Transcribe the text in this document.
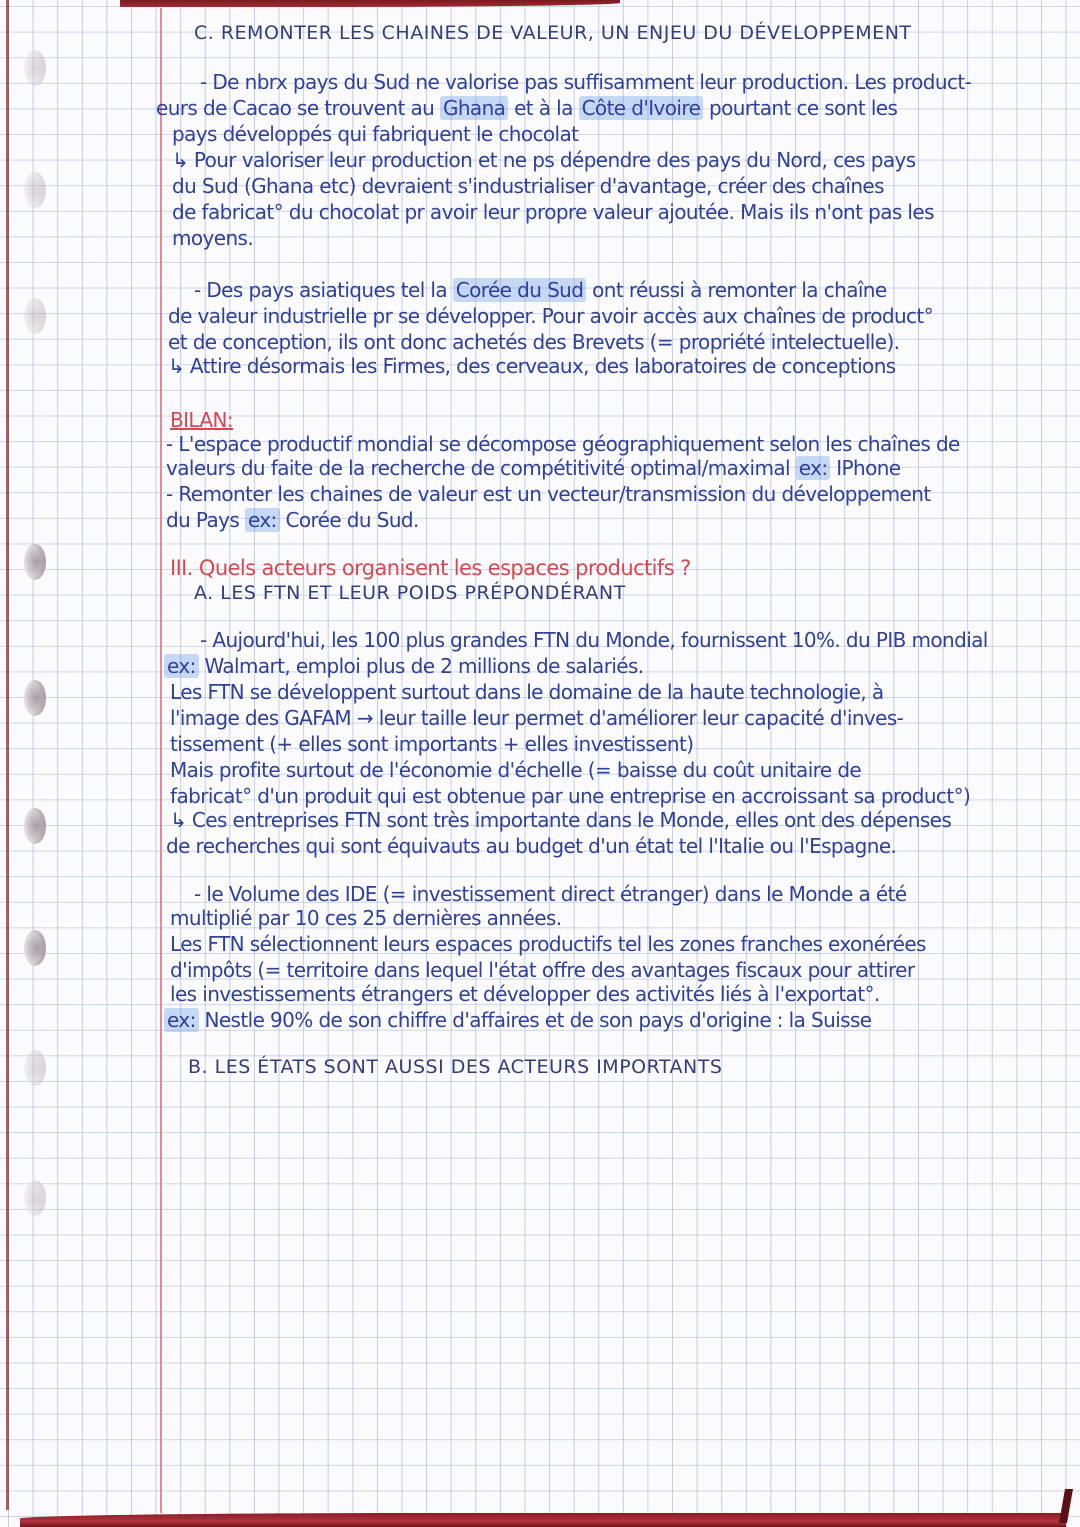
C. REMONTER LES CHAINES DE VALEUR, UN ENJEU DU DÉVELOPPEMENT
- De nbrx pays du Sud ne valorise pas suffisamment leur production. Les product-
eurs de Cacao se trouvent au Ghana et à la Côte d'Ivoire pourtant ce sont les
pays développés qui fabriquent le chocolat
↳ Pour valoriser leur production et ne ps dépendre des pays du Nord, ces pays
du Sud (Ghana etc) devraient s'industrialiser d'avantage, créer des chaînes
de fabricat° du chocolat pr avoir leur propre valeur ajoutée. Mais ils n'ont pas les
moyens.
- Des pays asiatiques tel la Corée du Sud ont réussi à remonter la chaîne
de valeur industrielle pr se développer. Pour avoir accès aux chaînes de product°
et de conception, ils ont donc achetés des Brevets (= propriété intelectuelle).
↳ Attire désormais les Firmes, des cerveaux, des laboratoires de conceptions
BILAN:
- L'espace productif mondial se décompose géographiquement selon les chaînes de
valeurs du faite de la recherche de compétitivité optimal/maximal ex: IPhone
- Remonter les chaines de valeur est un vecteur/transmission du développement
du Pays ex: Corée du Sud.
III. Quels acteurs organisent les espaces productifs ?
A. LES FTN ET LEUR POIDS PRÉPONDÉRANT
- Aujourd'hui, les 100 plus grandes FTN du Monde, fournissent 10%. du PIB mondial
ex: Walmart, emploi plus de 2 millions de salariés.
Les FTN se développent surtout dans le domaine de la haute technologie, à
l'image des GAFAM → leur taille leur permet d'améliorer leur capacité d'inves-
tissement (+ elles sont importants + elles investissent)
Mais profite surtout de l'économie d'échelle (= baisse du coût unitaire de
fabricat° d'un produit qui est obtenue par une entreprise en accroissant sa product°)
↳ Ces entreprises FTN sont très importante dans le Monde, elles ont des dépenses
de recherches qui sont équivauts au budget d'un état tel l'Italie ou l'Espagne.
- le Volume des IDE (= investissement direct étranger) dans le Monde a été
multiplié par 10 ces 25 dernières années.
Les FTN sélectionnent leurs espaces productifs tel les zones franches exonérées
d'impôts (= territoire dans lequel l'état offre des avantages fiscaux pour attirer
les investissements étrangers et développer des activités liés à l'exportat°.
ex: Nestle 90% de son chiffre d'affaires et de son pays d'origine : la Suisse
B. LES ÉTATS SONT AUSSI DES ACTEURS IMPORTANTS
